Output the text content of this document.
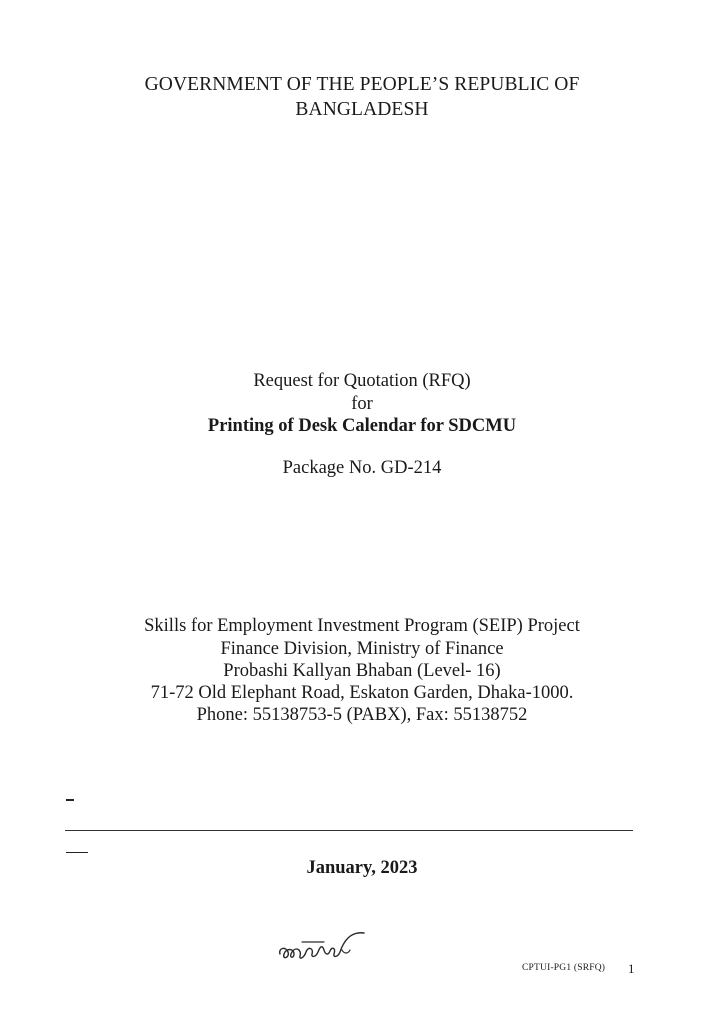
GOVERNMENT OF THE PEOPLE’S REPUBLIC OF
BANGLADESH
Request for Quotation (RFQ)
for
Printing of Desk Calendar for SDCMU
Package No. GD-214
Skills for Employment Investment Program (SEIP) Project
Finance Division, Ministry of Finance
Probashi Kallyan Bhaban (Level- 16)
71-72 Old Elephant Road, Eskaton Garden, Dhaka-1000.
Phone: 55138753-5 (PABX), Fax: 55138752
January, 2023
CPTUI-PG1 (SRFQ) 1
